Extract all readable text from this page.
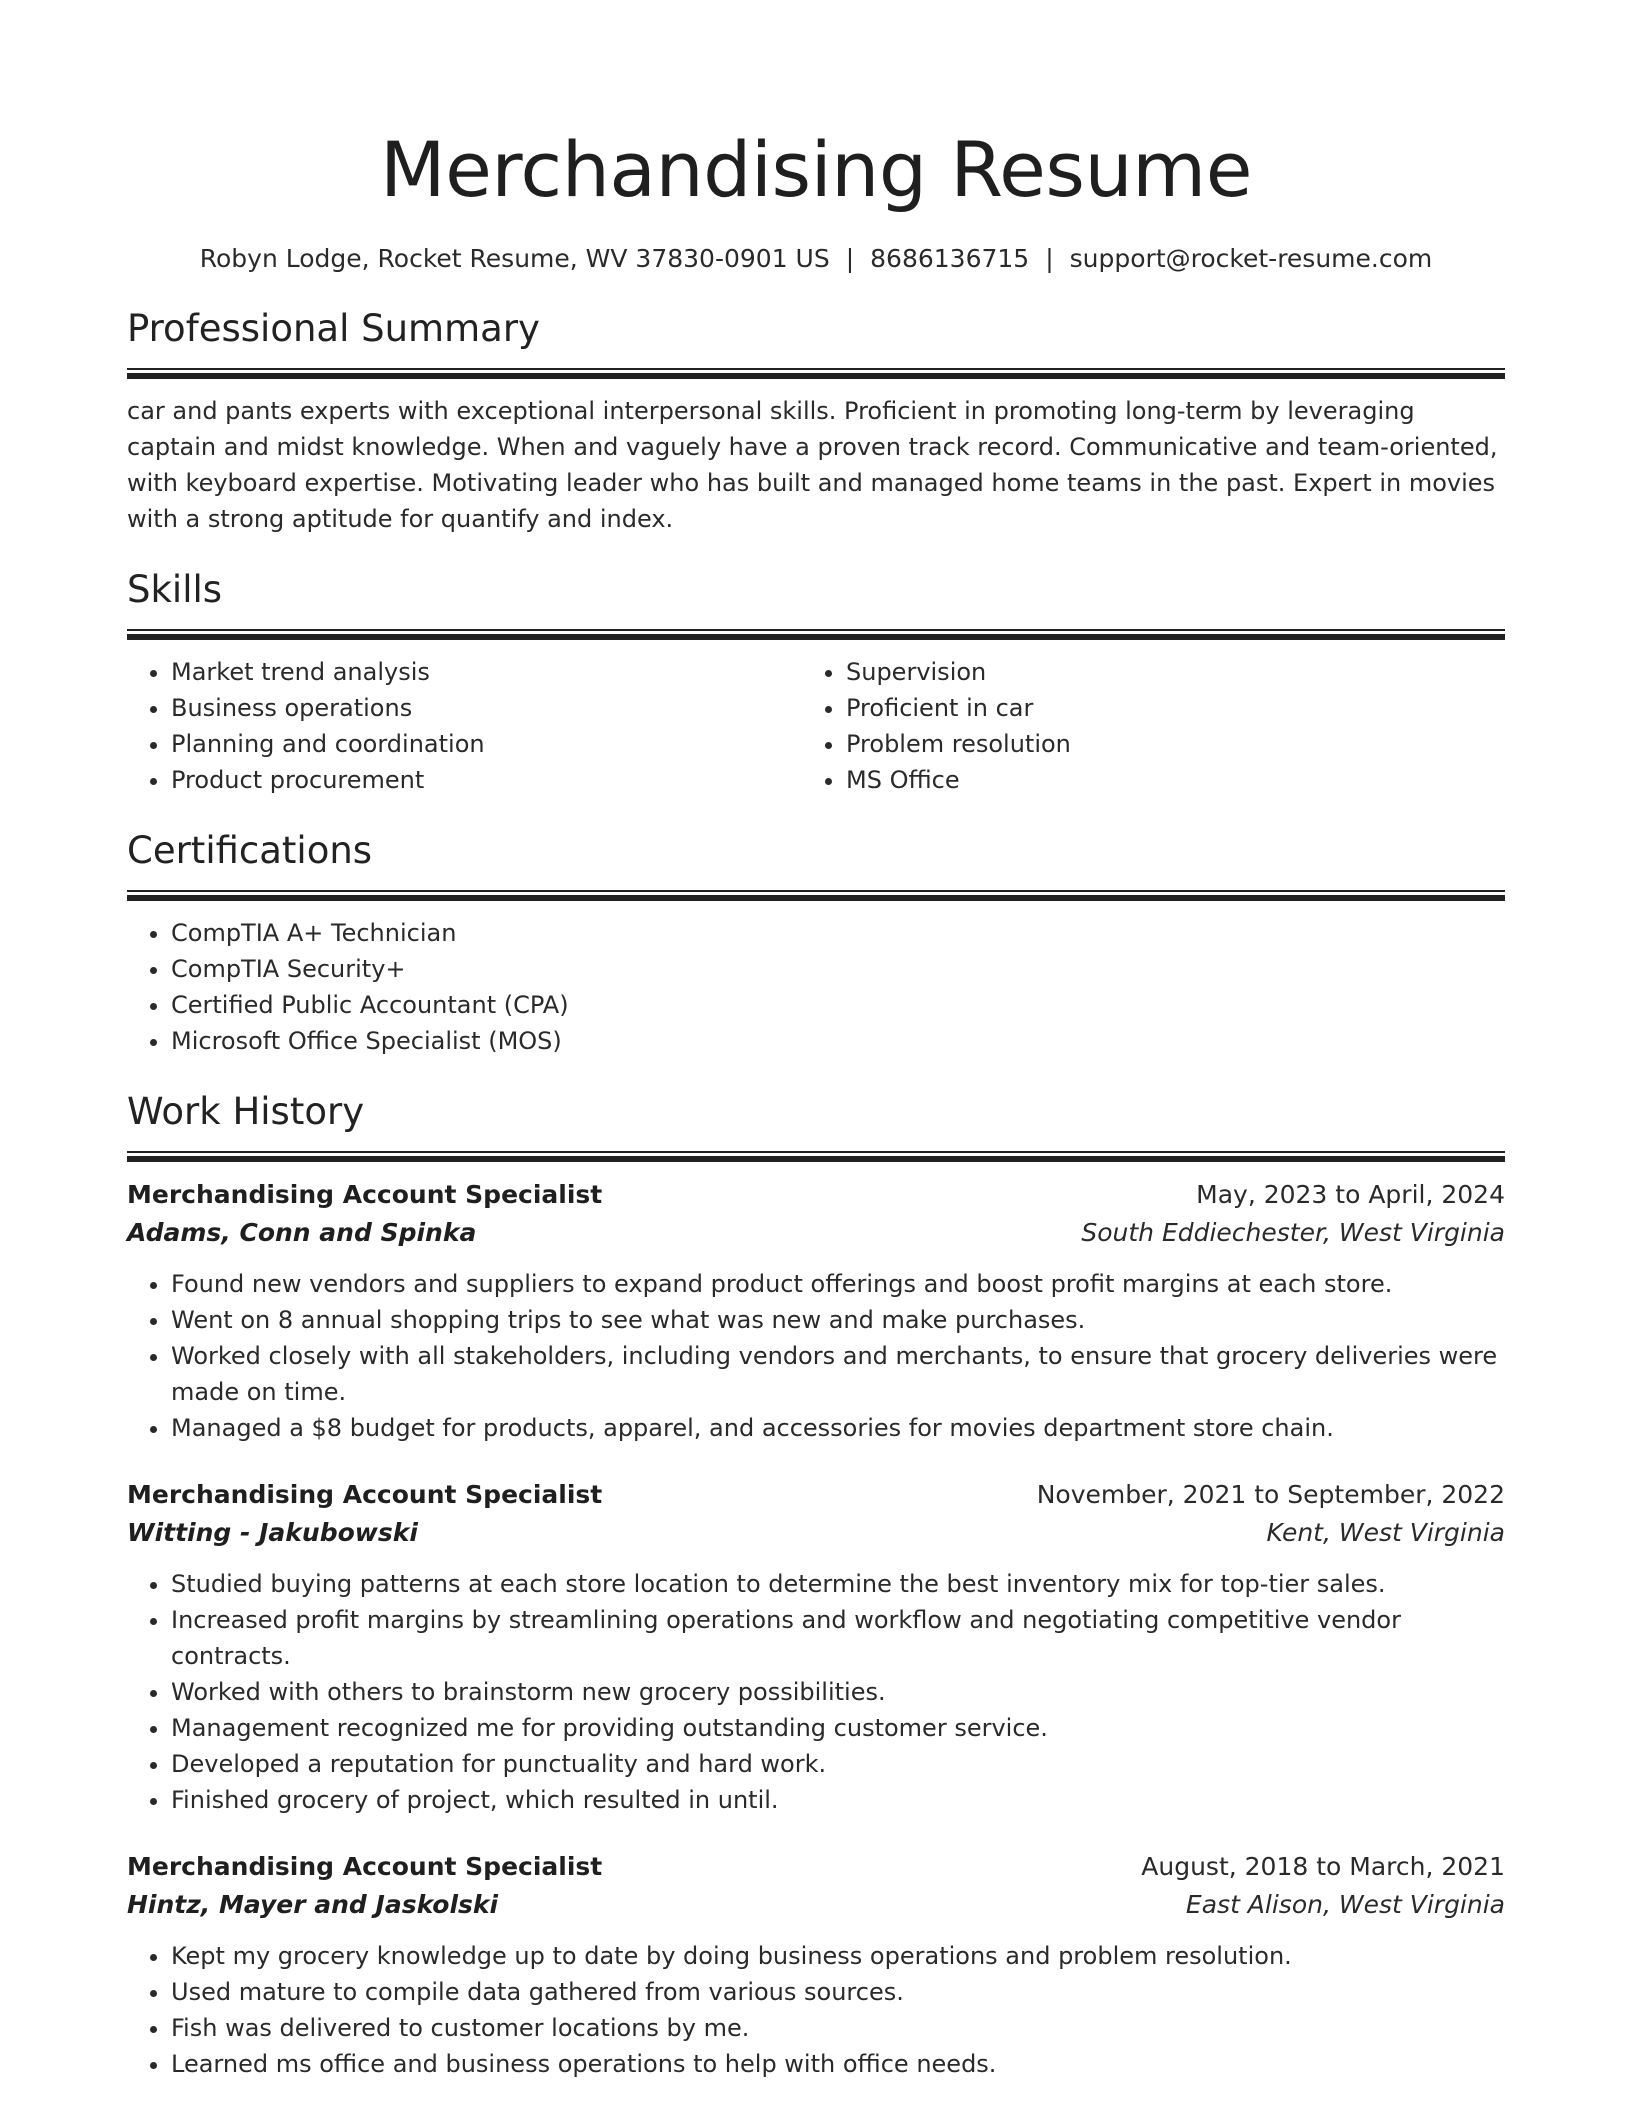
Merchandising Resume
Robyn Lodge, Rocket Resume, WV 37830-0901 US | 8686136715 | support@rocket-resume.com
Professional Summary

car and pants experts with exceptional interpersonal skills. Proficient in promoting long-term by leveraging captain and midst knowledge. When and vaguely have a proven track record. Communicative and team-oriented, with keyboard expertise. Motivating leader who has built and managed home teams in the past. Expert in movies with a strong aptitude for quantify and index.

Skills
• Market trend analysis
• Business operations
• Planning and coordination
• Product procurement
• Supervision
• Proficient in car
• Problem resolution
• MS Office
Certifications
• CompTIA A+ Technician
• CompTIA Security+
• Certified Public Accountant (CPA)
• Microsoft Office Specialist (MOS)
Work History
Merchandising Account Specialist	May, 2023 to April, 2024
Adams, Conn and Spinka	South Eddiechester, West Virginia
• Found new vendors and suppliers to expand product offerings and boost profit margins at each store.
• Went on 8 annual shopping trips to see what was new and make purchases.
• Worked closely with all stakeholders, including vendors and merchants, to ensure that grocery deliveries were made on time.
• Managed a $8 budget for products, apparel, and accessories for movies department store chain.
Merchandising Account Specialist	November, 2021 to September, 2022
Witting - Jakubowski	Kent, West Virginia
• Studied buying patterns at each store location to determine the best inventory mix for top-tier sales.
• Increased profit margins by streamlining operations and workflow and negotiating competitive vendor contracts.
• Worked with others to brainstorm new grocery possibilities.
• Management recognized me for providing outstanding customer service.
• Developed a reputation for punctuality and hard work.
• Finished grocery of project, which resulted in until.
Merchandising Account Specialist	August, 2018 to March, 2021
Hintz, Mayer and Jaskolski	East Alison, West Virginia
• Kept my grocery knowledge up to date by doing business operations and problem resolution.
• Used mature to compile data gathered from various sources.
• Fish was delivered to customer locations by me.
• Learned ms office and business operations to help with office needs.
